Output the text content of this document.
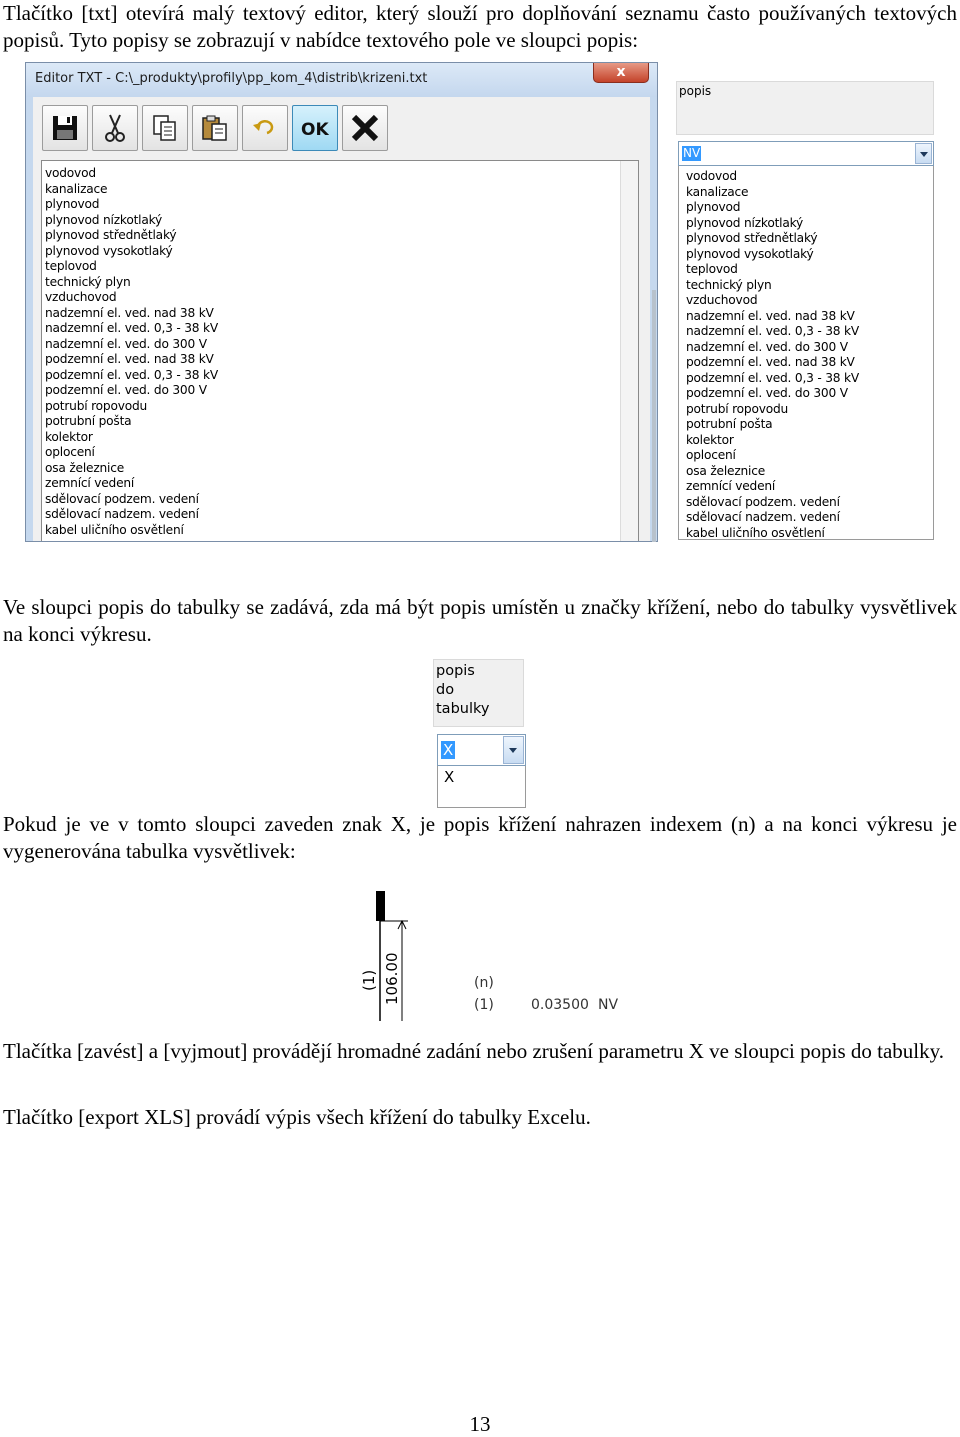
Tlačítko [txt] otevírá malý textový editor, který slouží pro doplňování seznamu často používaných textových popisů. Tyto popisy se zobrazují v nabídce textového pole ve sloupci popis:

Editor TXT - C:\_produkty\profily\pp_kom_4\distrib\krizeni.txt	x
OK
vodovod
kanalizace
plynovod
plynovod nízkotlaký
plynovod střednětlaký
plynovod vysokotlaký
teplovod
technický plyn
vzduchovod
nadzemní el. ved. nad 38 kV
nadzemní el. ved. 0,3 - 38 kV
nadzemní el. ved. do 300 V
podzemní el. ved. nad 38 kV
podzemní el. ved. 0,3 - 38 kV
podzemní el. ved. do 300 V
potrubí ropovodu
potrubní pošta
kolektor
oplocení
osa železnice
zemnící vedení
sdělovací podzem. vedení
sdělovací nadzem. vedení
kabel uličního osvětlení
popis
NV
vodovod
kanalizace
plynovod
plynovod nízkotlaký
plynovod střednětlaký
plynovod vysokotlaký
teplovod
technický plyn
vzduchovod
nadzemní el. ved. nad 38 kV
nadzemní el. ved. 0,3 - 38 kV
nadzemní el. ved. do 300 V
podzemní el. ved. nad 38 kV
podzemní el. ved. 0,3 - 38 kV
podzemní el. ved. do 300 V
potrubí ropovodu
potrubní pošta
kolektor
oplocení
osa železnice
zemnící vedení
sdělovací podzem. vedení
sdělovací nadzem. vedení
kabel uličního osvětlení

Ve sloupci popis do tabulky se zadává, zda má být popis umístěn u značky křížení, nebo do tabulky vysvětlivek na konci výkresu.

popis
do
tabulky
X
X

Pokud je ve v tomto sloupci zaveden znak X, je popis křížení nahrazen indexem (n) a na konci výkresu je vygenerována tabulka vysvětlivek:

(1) 106.00	(n)
(1)	0.03500 NV

Tlačítka [zavést] a [vyjmout] provádějí hromadné zadání nebo zrušení parametru X ve sloupci popis do tabulky.

Tlačítko [export XLS] provádí výpis všech křížení do tabulky Excelu.

13
